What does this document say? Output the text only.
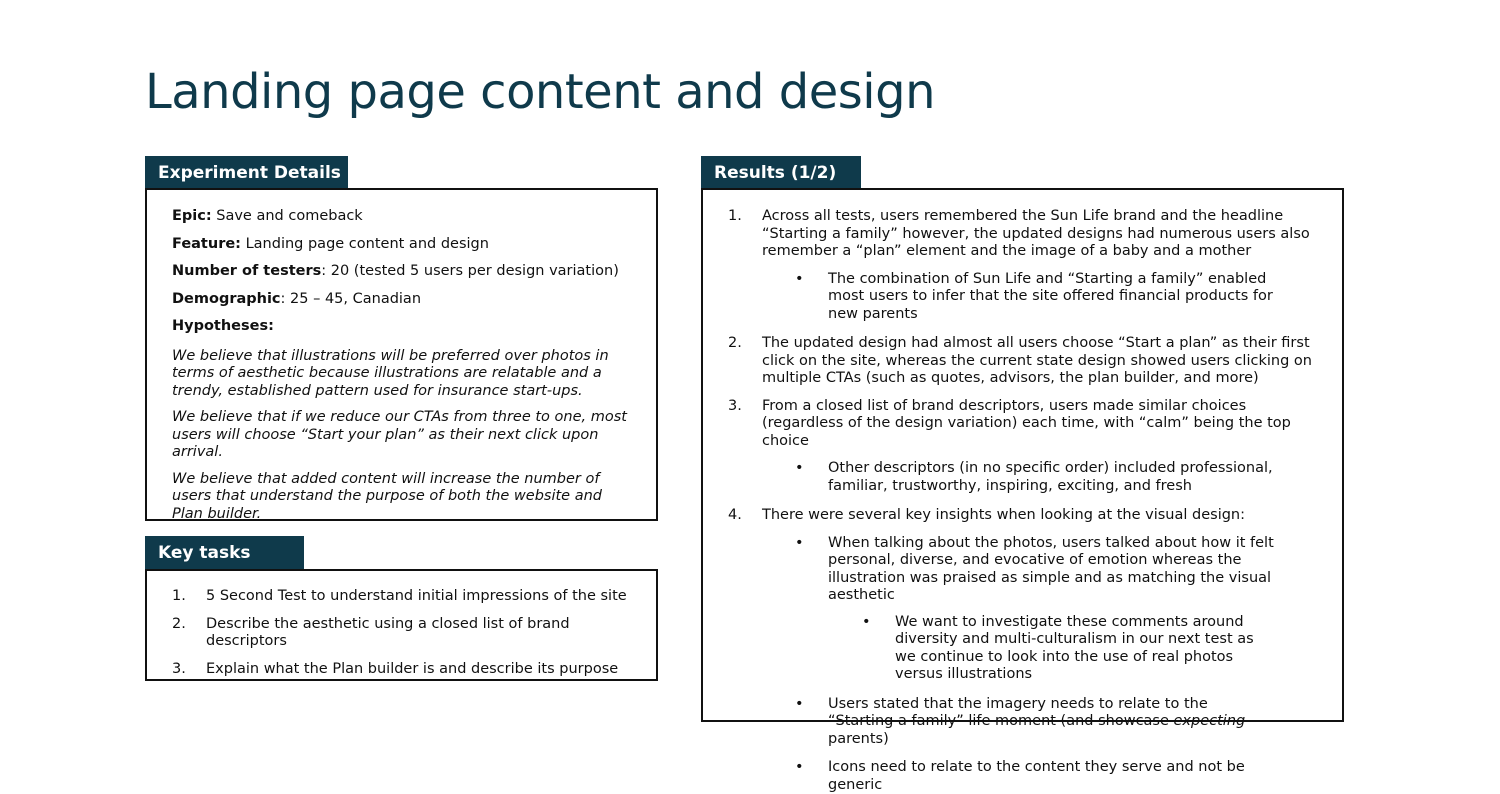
Landing page content and design
Experiment Details

Epic: Save and comeback

Feature: Landing page content and design

Number of testers: 20 (tested 5 users per design variation)

Demographic: 25 – 45, Canadian

Hypotheses:

We believe that illustrations will be preferred over photos in terms of aesthetic because illustrations are relatable and a trendy, established pattern used for insurance start-ups.

We believe that if we reduce our CTAs from three to one, most users will choose “Start your plan” as their next click upon arrival.

We believe that added content will increase the number of users that understand the purpose of both the website and Plan builder.

Key tasks
1.	5 Second Test to understand initial impressions of the site
2.	Describe the aesthetic using a closed list of brand descriptors
3.	Explain what the Plan builder is and describe its purpose
Results (1/2)
1.	Across all tests, users remembered the Sun Life brand and the headline “Starting a family” however, the updated designs had numerous users also remember a “plan” element and the image of a baby and a mother
•	The combination of Sun Life and “Starting a family” enabled most users to infer that the site offered financial products for new parents
2.	The updated design had almost all users choose “Start a plan” as their first click on the site, whereas the current state design showed users clicking on multiple CTAs (such as quotes, advisors, the plan builder, and more)
3.	From a closed list of brand descriptors, users made similar choices (regardless of the design variation) each time, with “calm” being the top choice
•	Other descriptors (in no specific order) included professional, familiar, trustworthy, inspiring, exciting, and fresh
4.	There were several key insights when looking at the visual design:
•	When talking about the photos, users talked about how it felt personal, diverse, and evocative of emotion whereas the illustration was praised as simple and as matching the visual aesthetic
•	We want to investigate these comments around diversity and multi-culturalism in our next test as we continue to look into the use of real photos versus illustrations
•	Users stated that the imagery needs to relate to the “Starting a family” life moment (and showcase expecting parents)
•	Icons need to relate to the content they serve and not be generic
